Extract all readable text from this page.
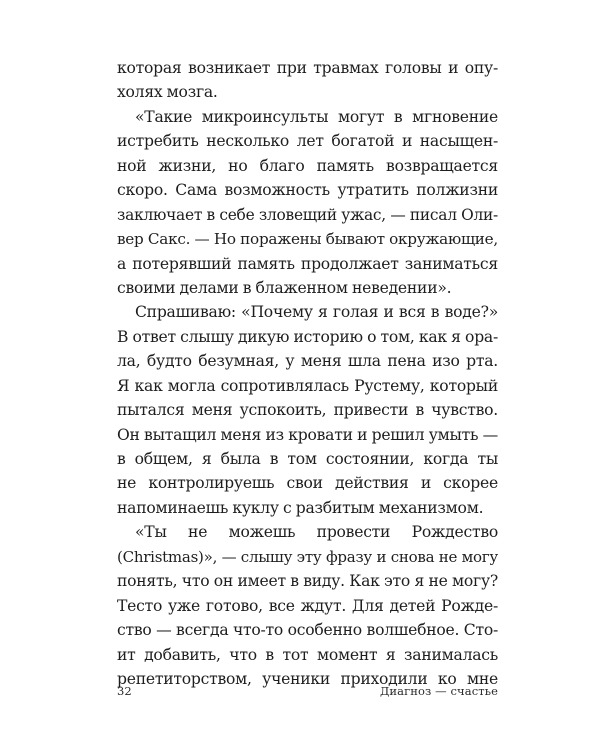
которая возникает при травмах головы и опу-
холях мозга.
«Такие микроинсульты могут в мгновение
истребить несколько лет богатой и насыщен-
ной жизни, но благо память возвращается
скоро. Сама возможность утратить полжизни
заключает в себе зловещий ужас, — писал Оли-
вер Сакс. — Но поражены бывают окружающие,
а потерявший память продолжает заниматься
своими делами в блаженном неведении».
Спрашиваю: «Почему я голая и вся в воде?»
В ответ слышу дикую историю о том, как я ора-
ла, будто безумная, у меня шла пена изо рта.
Я как могла сопротивлялась Рустему, который
пытался меня успокоить, привести в чувство.
Он вытащил меня из кровати и решил умыть —
в общем, я была в том состоянии, когда ты
не контролируешь свои действия и скорее
напоминаешь куклу с разбитым механизмом.
«Ты не можешь провести Рождество
(Christmas)», — слышу эту фразу и снова не могу
понять, что он имеет в виду. Как это я не могу?
Тесто уже готово, все ждут. Для детей Рожде-
ство — всегда что-то особенно волшебное. Сто-
ит добавить, что в тот момент я занималась
репетиторством, ученики приходили ко мне
32	Диагноз — счастье
